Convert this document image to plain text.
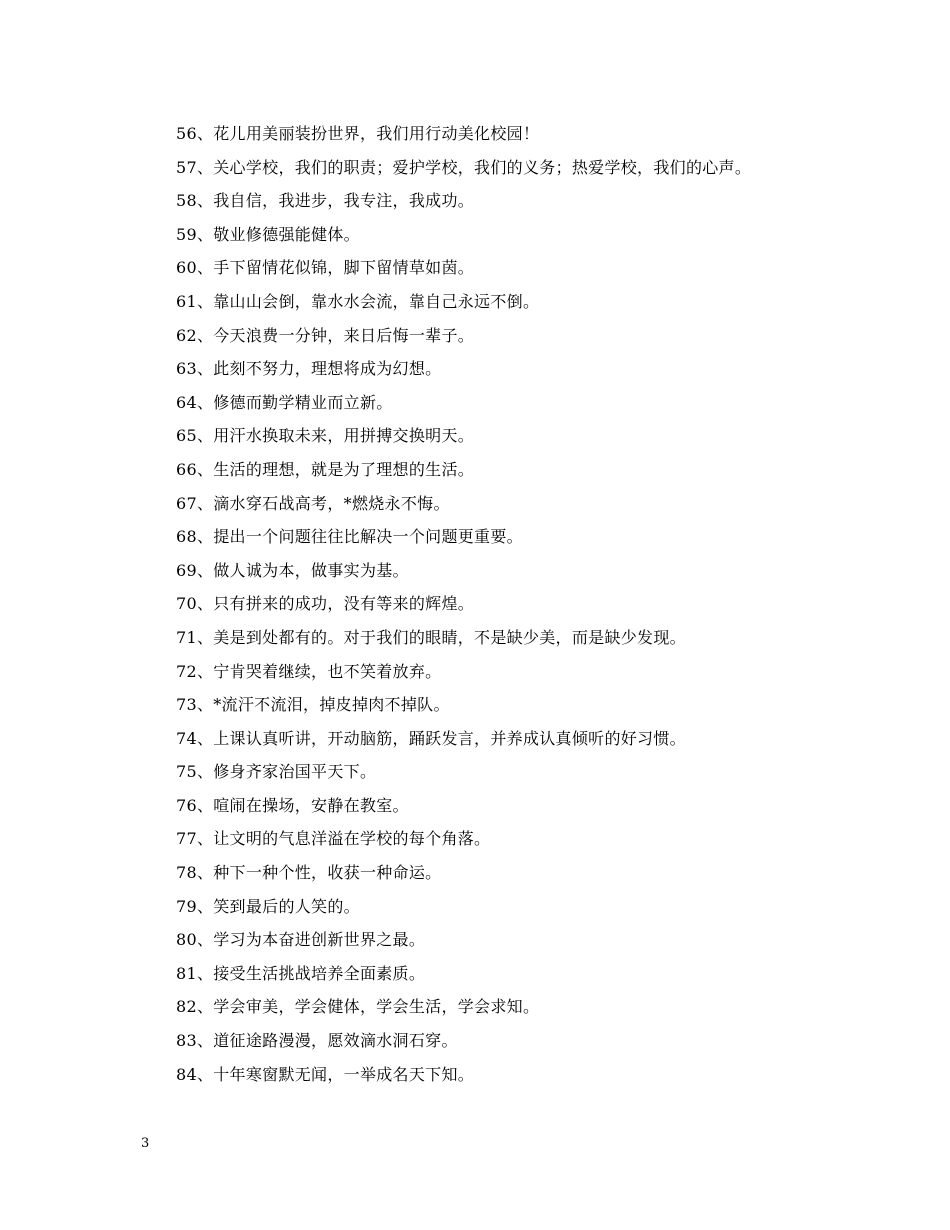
56、花儿用美丽装扮世界，我们用行动美化校园！
57、关心学校，我们的职责；爱护学校，我们的义务；热爱学校，我们的心声。
58、我自信，我进步，我专注，我成功。
59、敬业修德强能健体。
60、手下留情花似锦，脚下留情草如茵。
61、靠山山会倒，靠水水会流，靠自己永远不倒。
62、今天浪费一分钟，来日后悔一辈子。
63、此刻不努力，理想将成为幻想。
64、修德而勤学精业而立新。
65、用汗水换取未来，用拼搏交换明天。
66、生活的理想，就是为了理想的生活。
67、滴水穿石战高考，*燃烧永不悔。
68、提出一个问题往往比解决一个问题更重要。
69、做人诚为本，做事实为基。
70、只有拼来的成功，没有等来的辉煌。
71、美是到处都有的。对于我们的眼睛，不是缺少美，而是缺少发现。
72、宁肯哭着继续，也不笑着放弃。
73、*流汗不流泪，掉皮掉肉不掉队。
74、上课认真听讲，开动脑筋，踊跃发言，并养成认真倾听的好习惯。
75、修身齐家治国平天下。
76、喧闹在操场，安静在教室。
77、让文明的气息洋溢在学校的每个角落。
78、种下一种个性，收获一种命运。
79、笑到最后的人笑的。
80、学习为本奋进创新世界之最。
81、接受生活挑战培养全面素质。
82、学会审美，学会健体，学会生活，学会求知。
83、道征途路漫漫，愿效滴水洞石穿。
84、十年寒窗默无闻，一举成名天下知。
3
